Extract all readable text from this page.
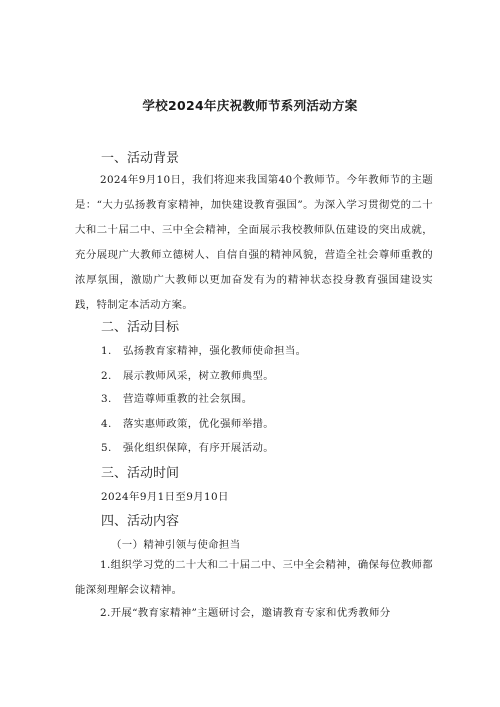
学校2024年庆祝教师节系列活动方案
一、活动背景

2024年9月10日，我们将迎来我国第40个教师节。今年教师节的主题是：“大力弘扬教育家精神，加快建设教育强国”。为深入学习贯彻党的二十大和二十届二中、三中全会精神，全面展示我校教师队伍建设的突出成就，充分展现广大教师立德树人、自信自强的精神风貌，营造全社会尊师重教的浓厚氛围，激励广大教师以更加奋发有为的精神状态投身教育强国建设实践，特制定本活动方案。

二、活动目标
1. 弘扬教育家精神，强化教师使命担当。
2. 展示教师风采，树立教师典型。
3. 营造尊师重教的社会氛围。
4. 落实惠师政策，优化强师举措。
5. 强化组织保障，有序开展活动。
三、活动时间
2024年9月1日至9月10日
四、活动内容
（一）精神引领与使命担当

1.组织学习党的二十大和二十届二中、三中全会精神，确保每位教师都能深刻理解会议精神。

2.开展“教育家精神”主题研讨会，邀请教育专家和优秀教师分
